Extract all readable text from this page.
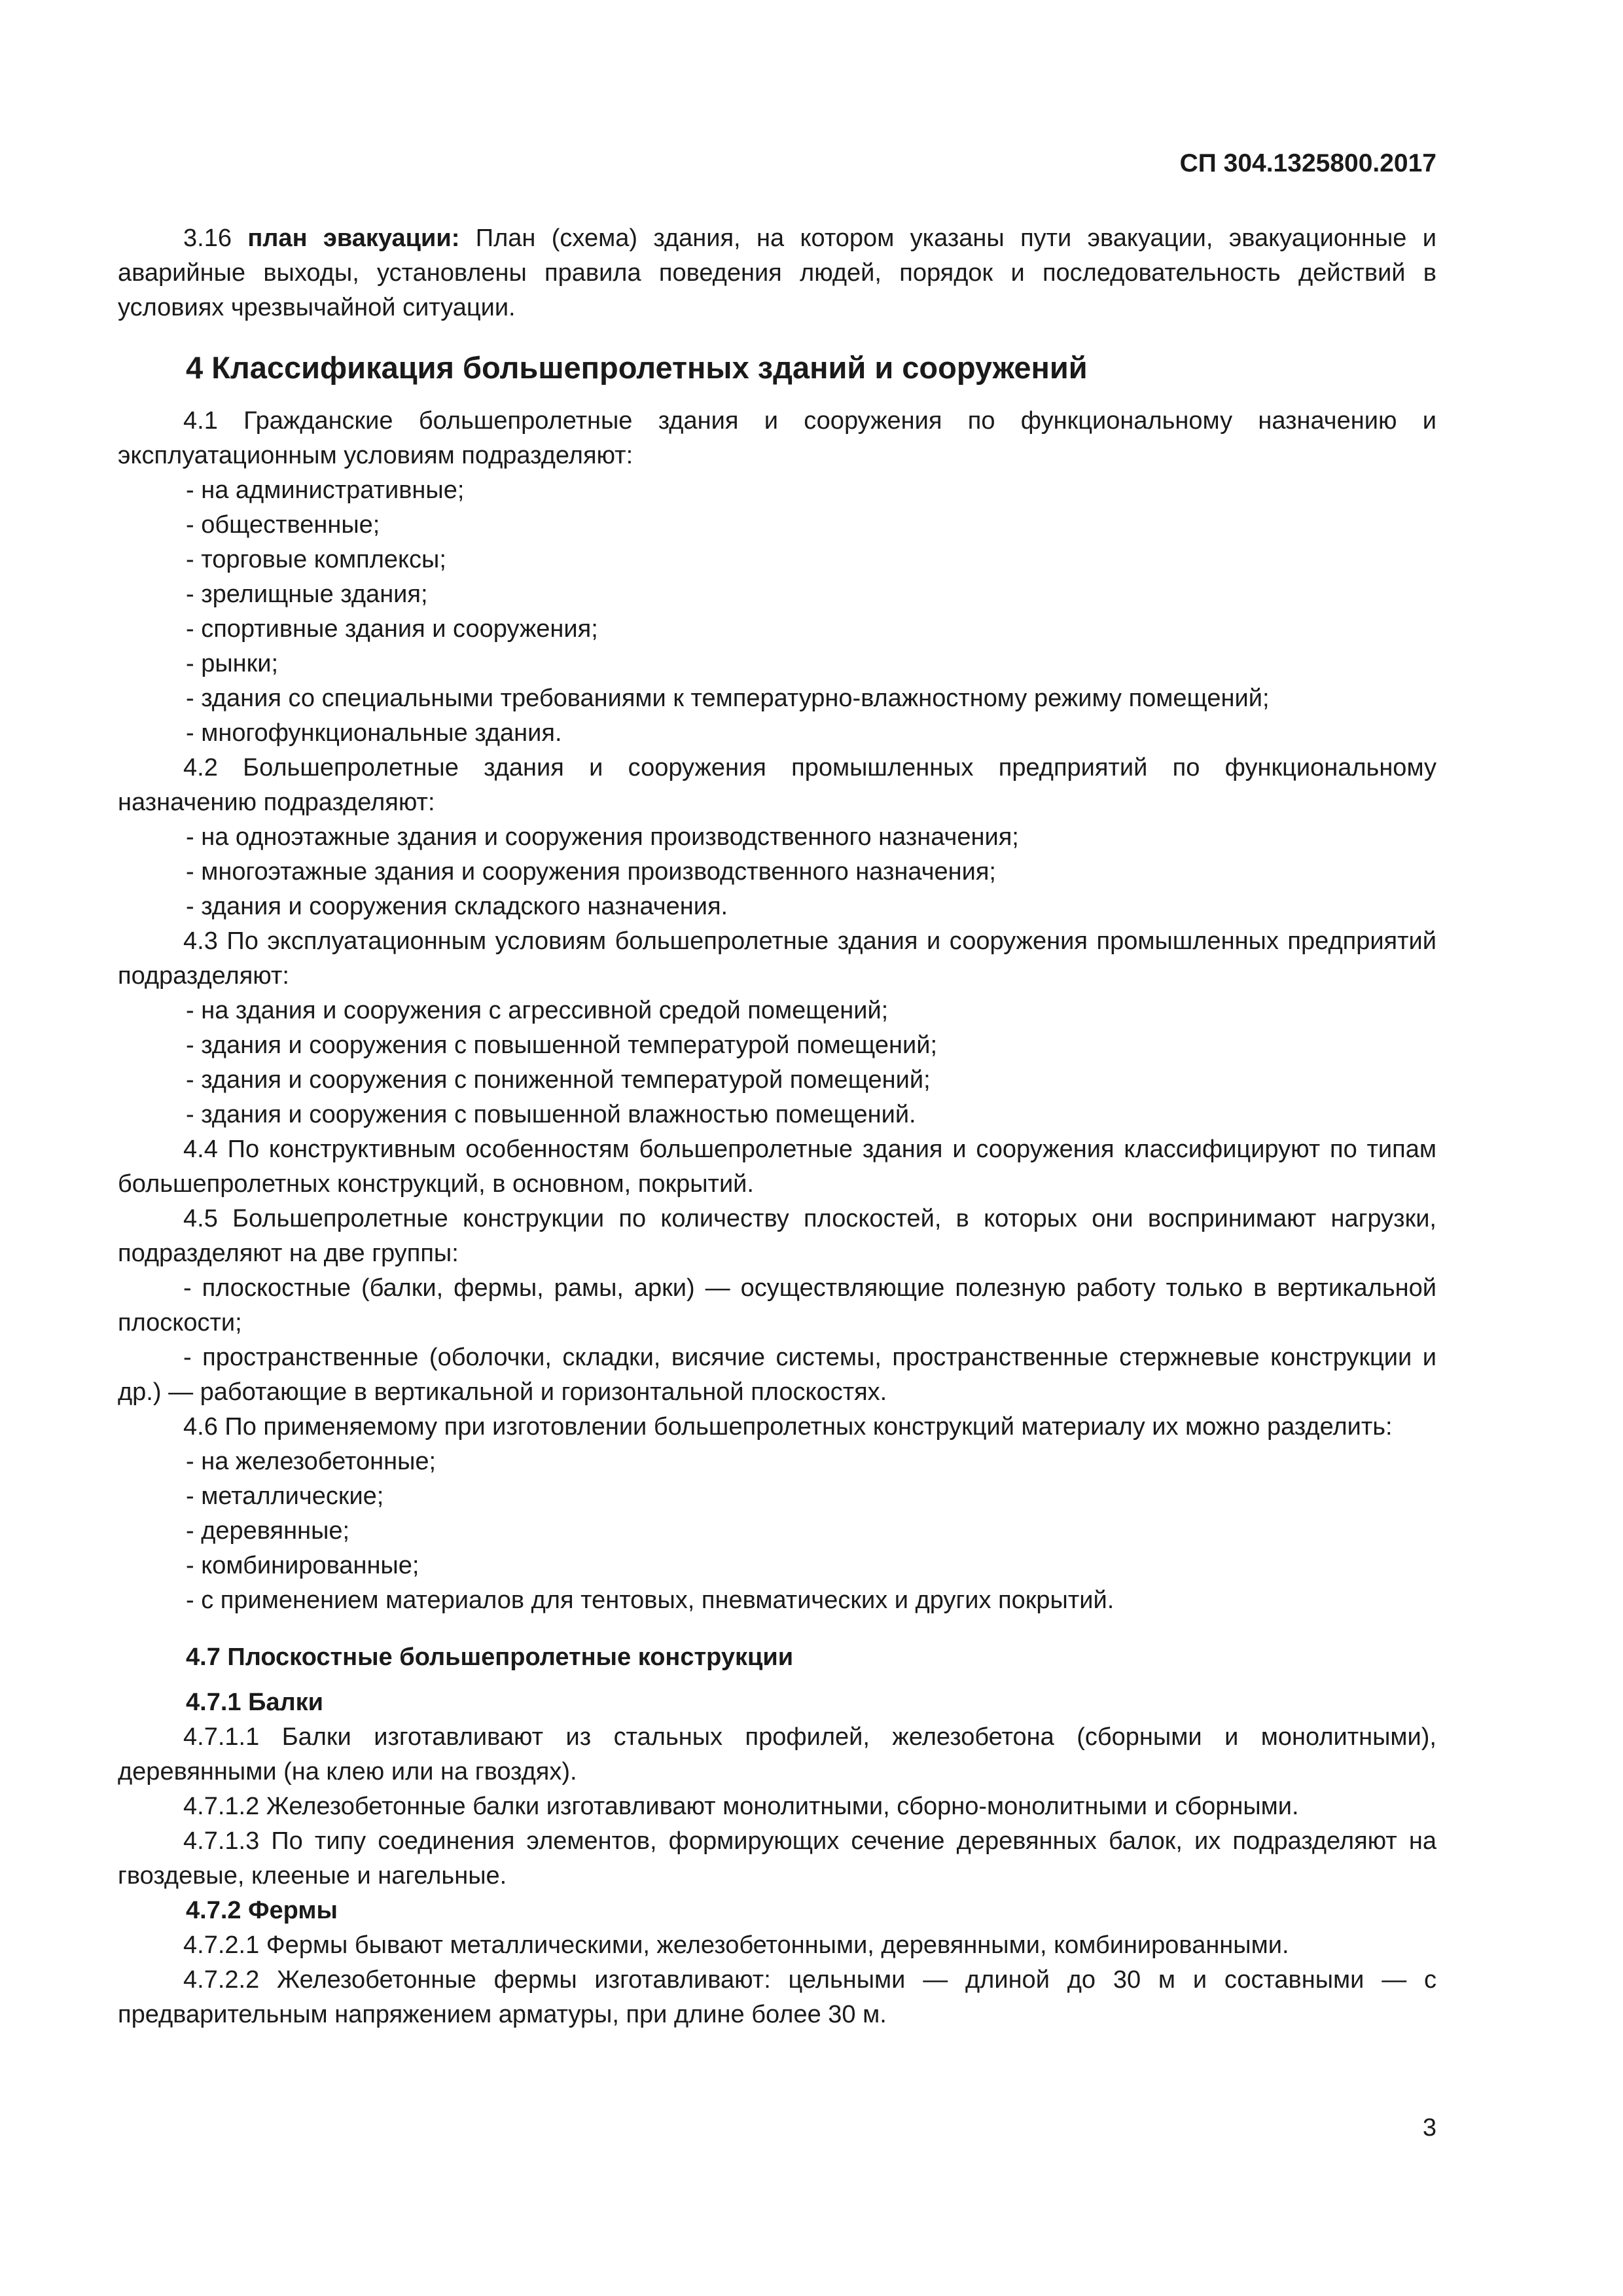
СП 304.1325800.2017

3.16 план эвакуации: План (схема) здания, на котором указаны пути эвакуации, эвакуационные и аварийные выходы, установлены правила поведения людей, порядок и последовательность действий в условиях чрезвычайной ситуации.

4 Классификация большепролетных зданий и сооружений

4.1 Гражданские большепролетные здания и сооружения по функциональному назначению и эксплуатационным условиям подразделяют:

- на административные;

- общественные;

- торговые комплексы;

- зрелищные здания;

- спортивные здания и сооружения;

- рынки;

- здания со специальными требованиями к температурно-влажностному режиму помещений;

- многофункциональные здания.

4.2 Большепролетные здания и сооружения промышленных предприятий по функциональному назначению подразделяют:

- на одноэтажные здания и сооружения производственного назначения;

- многоэтажные здания и сооружения производственного назначения;

- здания и сооружения складского назначения.

4.3 По эксплуатационным условиям большепролетные здания и сооружения промышленных предприятий подразделяют:

- на здания и сооружения с агрессивной средой помещений;

- здания и сооружения с повышенной температурой помещений;

- здания и сооружения с пониженной температурой помещений;

- здания и сооружения с повышенной влажностью помещений.

4.4 По конструктивным особенностям большепролетные здания и сооружения классифицируют по типам большепролетных конструкций, в основном, покрытий.

4.5 Большепролетные конструкции по количеству плоскостей, в которых они воспринимают нагрузки, подразделяют на две группы:

- плоскостные (балки, фермы, рамы, арки) — осуществляющие полезную работу только в вертикальной плоскости;

- пространственные (оболочки, складки, висячие системы, пространственные стержневые конструкции и др.) — работающие в вертикальной и горизонтальной плоскостях.

4.6 По применяемому при изготовлении большепролетных конструкций материалу их можно разделить:

- на железобетонные;

- металлические;

- деревянные;

- комбинированные;

- с применением материалов для тентовых, пневматических и других покрытий.

4.7 Плоскостные большепролетные конструкции
4.7.1 Балки

4.7.1.1 Балки изготавливают из стальных профилей, железобетона (сборными и монолитными), деревянными (на клею или на гвоздях).

4.7.1.2 Железобетонные балки изготавливают монолитными, сборно-монолитными и сборными.

4.7.1.3 По типу соединения элементов, формирующих сечение деревянных балок, их подразделяют на гвоздевые, клееные и нагельные.

4.7.2 Фермы

4.7.2.1 Фермы бывают металлическими, железобетонными, деревянными, комбинированными.

4.7.2.2 Железобетонные фермы изготавливают: цельными — длиной до 30 м и составными — с предварительным напряжением арматуры, при длине более 30 м.

3
